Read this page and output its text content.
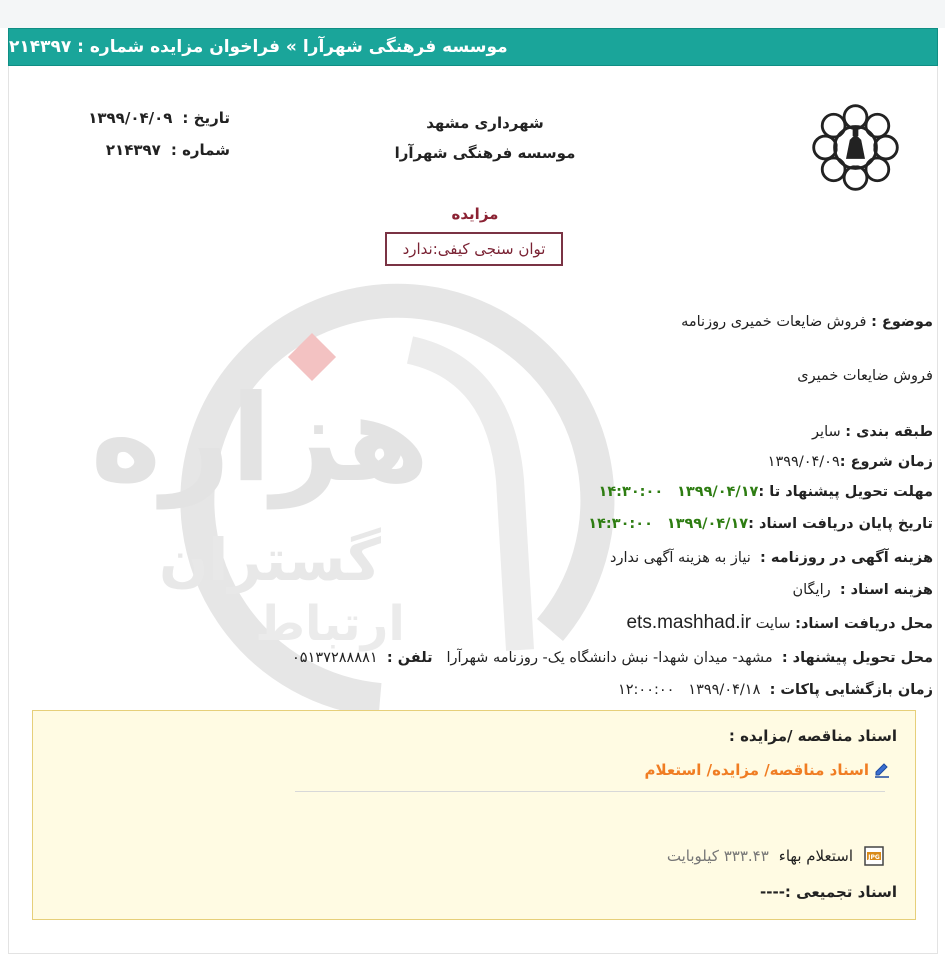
موسسه فرهنگی شهرآرا » فراخوان مزایده شماره : ۲۱۴۳۹۷
هزاره
گستران
ارتباط
شهرداری مشهد
موسسه فرهنگی شهرآرا
تاریخ :
۱۳۹۹/۰۴/۰۹
شماره :
۲۱۴۳۹۷
مزایده
توان سنجی کیفی:ندارد
موضوع : فروش ضایعات خمیری روزنامه
فروش ضایعات خمیری
طبقه بندی : سایر
زمان شروع :۱۳۹۹/۰۴/۰۹
مهلت تحویل پیشنهاد تا :۱۳۹۹/۰۴/۱۷   ۱۴:۳۰:۰۰
تاریخ پایان دریافت اسناد :۱۳۹۹/۰۴/۱۷   ۱۴:۳۰:۰۰
هزینه آگهی در روزنامه :  نیاز به هزینه آگهی ندارد
هزینه اسناد :  رایگان
محل دریافت اسناد: سایت ets.mashhad.ir
محل تحویل پیشنهاد :  مشهد- میدان شهدا- نبش دانشگاه یک- روزنامه شهرآرا   تلفن :  ۰۵۱۳۷۲۸۸۸۸۱
زمان بازگشایی پاکات :  ۱۳۹۹/۰۴/۱۸   ۱۲:۰۰:۰۰
اسناد مناقصه /مزایده :
اسناد مناقصه/ مزایده/ استعلام
JPG
استعلام بهاء
۳۳۳.۴۳ کیلوبایت
اسناد تجمیعی :----
